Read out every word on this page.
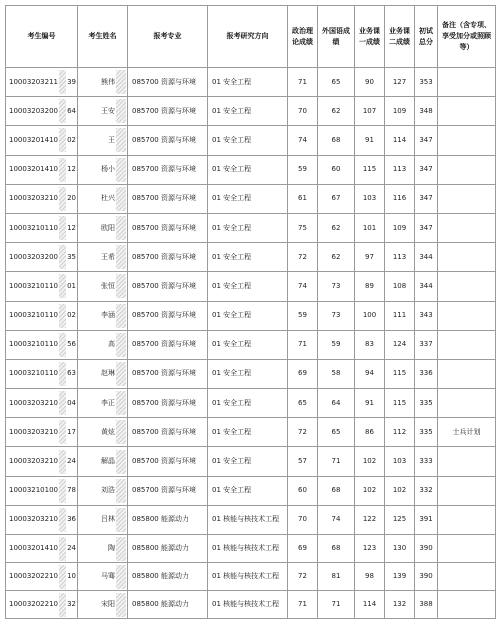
考生编号	考生姓名	报考专业	报考研究方向	政治理论成绩	外国语成绩	业务课一成绩	业务课二成绩	初试总分	备注（含专项、享受加分或照顾等）

10003203211 39	熊伟	085700 资源与环境	01 安全工程	71	65	90	127	353	

10003203200 64	王安	085700 资源与环境	01 安全工程	70	62	107	109	348	

10003201410 02	王	085700 资源与环境	01 安全工程	74	68	91	114	347	

10003201410 12	杨小	085700 资源与环境	01 安全工程	59	60	115	113	347	

10003203210 20	杜兴	085700 资源与环境	01 安全工程	61	67	103	116	347	

10003210110 12	欧阳	085700 资源与环境	01 安全工程	75	62	101	109	347	

10003203200 35	王希	085700 资源与环境	01 安全工程	72	62	97	113	344	

10003210110 01	张恒	085700 资源与环境	01 安全工程	74	73	89	108	344	

10003210110 02	李涵	085700 资源与环境	01 安全工程	59	73	100	111	343	

10003210110 56	高	085700 资源与环境	01 安全工程	71	59	83	124	337	

10003210110 63	赵琳	085700 资源与环境	01 安全工程	69	58	94	115	336	

10003203210 04	李正	085700 资源与环境	01 安全工程	65	64	91	115	335	

10003203210 17	黄炫	085700 资源与环境	01 安全工程	72	65	86	112	335	士兵计划

10003203210 24	解晶	085700 资源与环境	01 安全工程	57	71	102	103	333	

10003210100 78	刘浩	085700 资源与环境	01 安全工程	60	68	102	102	332	

10003203210 36	吕林	085800 能源动力	01 核能与核技术工程	70	74	122	125	391	

10003201410 24	陶	085800 能源动力	01 核能与核技术工程	69	68	123	130	390	

10003202210 10	马骞	085800 能源动力	01 核能与核技术工程	72	81	98	139	390	

10003202210 32	宋阳	085800 能源动力	01 核能与核技术工程	71	71	114	132	388	
